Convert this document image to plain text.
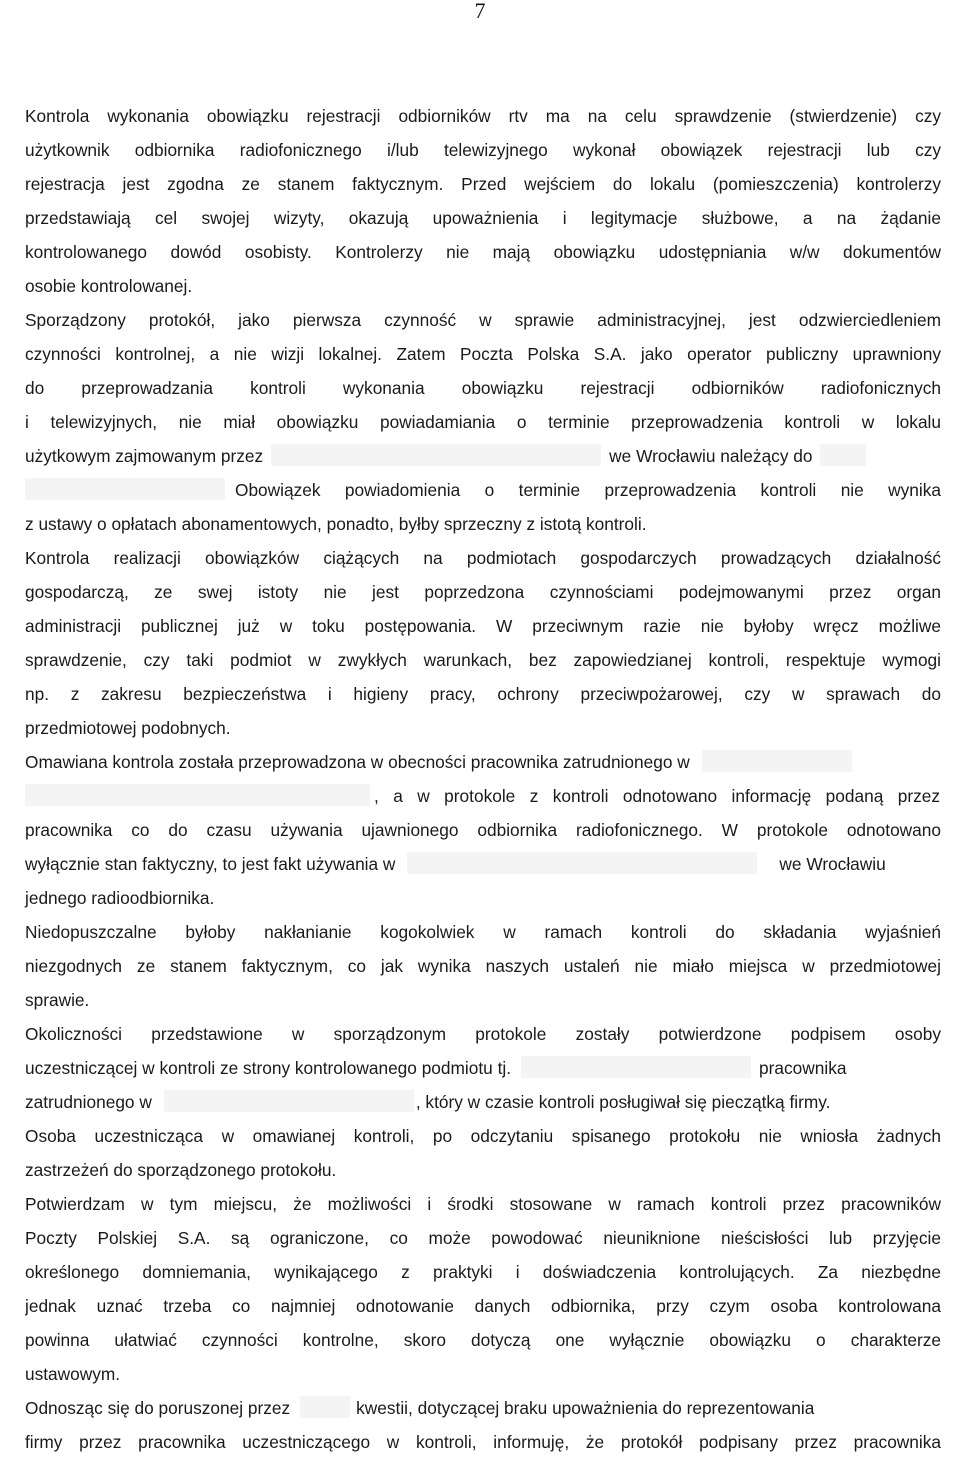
7

Kontrola wykonania obowiązku rejestracji odbiorników rtv ma na celu sprawdzenie (stwierdzenie) czy
użytkownik odbiornika radiofonicznego i/lub telewizyjnego wykonał obowiązek rejestracji lub czy
rejestracja jest zgodna ze stanem faktycznym. Przed wejściem do lokalu (pomieszczenia) kontrolerzy
przedstawiają cel swojej wizyty, okazują upoważnienia i legitymacje służbowe, a na żądanie
kontrolowanego dowód osobisty. Kontrolerzy nie mają obowiązku udostępniania w/w dokumentów
osobie kontrolowanej.

Sporządzony protokół, jako pierwsza czynność w sprawie administracyjnej, jest odzwierciedleniem
czynności kontrolnej, a nie wizji lokalnej. Zatem Poczta Polska S.A. jako operator publiczny uprawniony
do przeprowadzania kontroli wykonania obowiązku rejestracji odbiorników radiofonicznych
i telewizyjnych, nie miał obowiązku powiadamiania o terminie przeprowadzenia kontroli w lokalu
użytkowym zajmowanym przez	we Wrocławiu należący do
Obowiązek powiadomienia o terminie przeprowadzenia kontroli nie wynika
z ustawy o opłatach abonamentowych, ponadto, byłby sprzeczny z istotą kontroli.

Kontrola realizacji obowiązków ciążących na podmiotach gospodarczych prowadzących działalność
gospodarczą, ze swej istoty nie jest poprzedzona czynnościami podejmowanymi przez organ
administracji publicznej już w toku postępowania. W przeciwnym razie nie byłoby wręcz możliwe
sprawdzenie, czy taki podmiot w zwykłych warunkach, bez zapowiedzianej kontroli, respektuje wymogi
np. z zakresu bezpieczeństwa i higieny pracy, ochrony przeciwpożarowej, czy w sprawach do
przedmiotowej podobnych.

Omawiana kontrola została przeprowadzona w obecności pracownika zatrudnionego w
, a w protokole z kontroli odnotowano informację podaną przez
pracownika co do czasu używania ujawnionego odbiornika radiofonicznego. W protokole odnotowano
wyłącznie stan faktyczny, to jest fakt używania w	we Wrocławiu
jednego radioodbiornika.

Niedopuszczalne byłoby nakłanianie kogokolwiek w ramach kontroli do składania wyjaśnień
niezgodnych ze stanem faktycznym, co jak wynika naszych ustaleń nie miało miejsca w przedmiotowej
sprawie.

Okoliczności przedstawione w sporządzonym protokole zostały potwierdzone podpisem osoby
uczestniczącej w kontroli ze strony kontrolowanego podmiotu tj.	pracownika
zatrudnionego w	, który w czasie kontroli posługiwał się pieczątką firmy.
Osoba uczestnicząca w omawianej kontroli, po odczytaniu spisanego protokołu nie wniosła żadnych
zastrzeżeń do sporządzonego protokołu.

Potwierdzam w tym miejscu, że możliwości i środki stosowane w ramach kontroli przez pracowników
Poczty Polskiej S.A. są ograniczone, co może powodować nieuniknione nieścisłości lub przyjęcie
określonego domniemania, wynikającego z praktyki i doświadczenia kontrolujących. Za niezbędne
jednak uznać trzeba co najmniej odnotowanie danych odbiornika, przy czym osoba kontrolowana
powinna ułatwiać czynności kontrolne, skoro dotyczą one wyłącznie obowiązku o charakterze
ustawowym.

Odnosząc się do poruszonej przez	kwestii, dotyczącej braku upoważnienia do reprezentowania
firmy przez pracownika uczestniczącego w kontroli, informuję, że protokół podpisany przez pracownika
